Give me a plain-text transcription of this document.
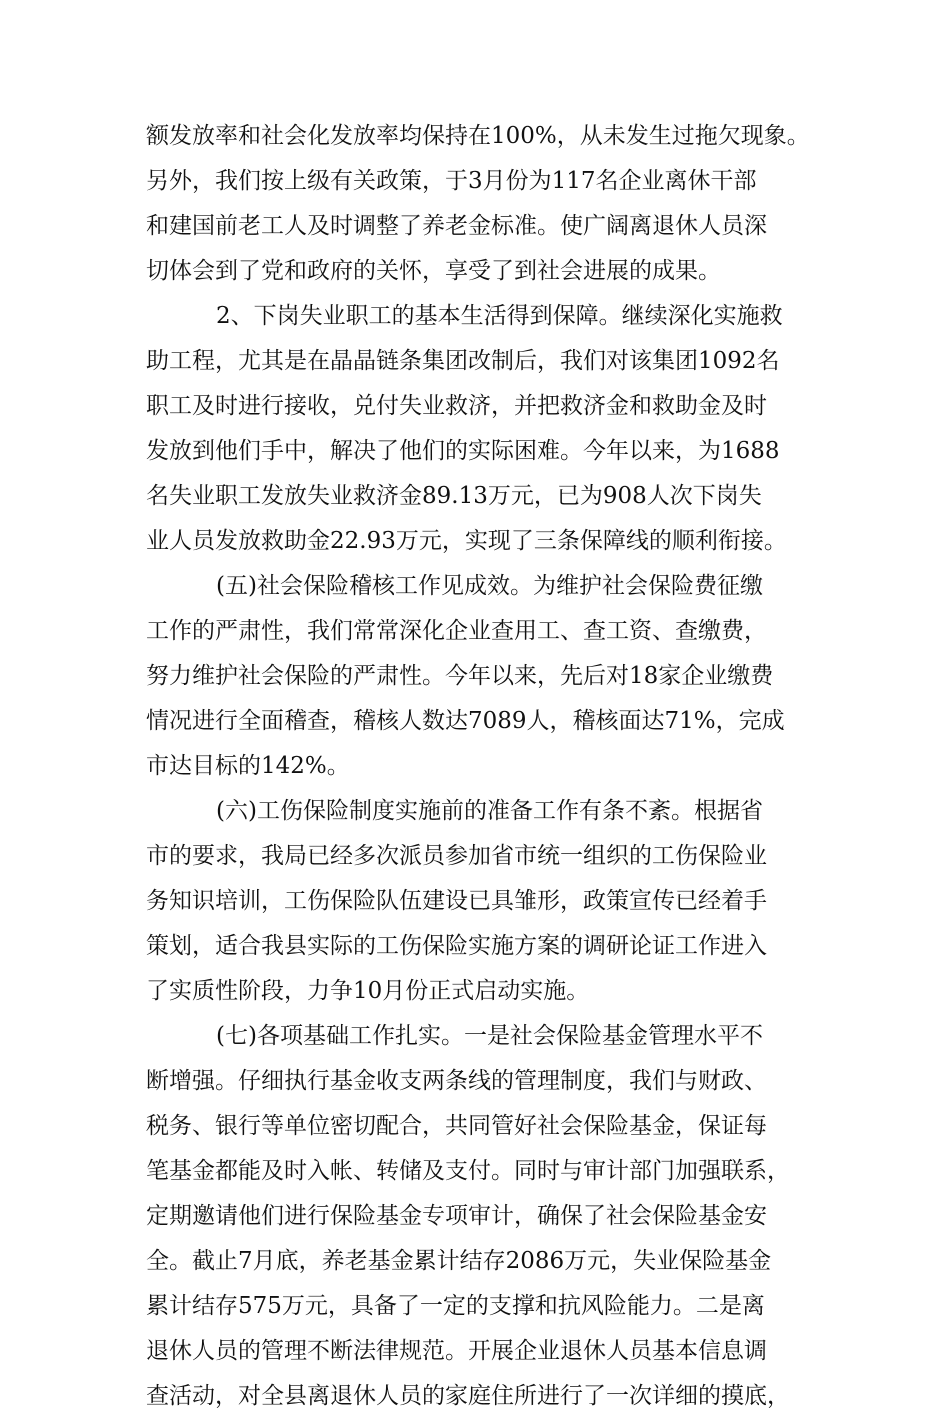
额发放率和社会化发放率均保持在100%，从未发生过拖欠现象。
另外，我们按上级有关政策，于3月份为117名企业离休干部
和建国前老工人及时调整了养老金标准。使广阔离退休人员深
切体会到了党和政府的关怀，享受了到社会进展的成果。
2、下岗失业职工的基本生活得到保障。继续深化实施救
助工程，尤其是在晶晶链条集团改制后，我们对该集团1092名
职工及时进行接收，兑付失业救济，并把救济金和救助金及时
发放到他们手中，解决了他们的实际困难。今年以来，为1688
名失业职工发放失业救济金89.13万元，已为908人次下岗失
业人员发放救助金22.93万元，实现了三条保障线的顺利衔接。
(五)社会保险稽核工作见成效。为维护社会保险费征缴
工作的严肃性，我们常常深化企业查用工、查工资、查缴费，
努力维护社会保险的严肃性。今年以来，先后对18家企业缴费
情况进行全面稽查，稽核人数达7089人，稽核面达71%，完成
市达目标的142%。
(六)工伤保险制度实施前的准备工作有条不紊。根据省
市的要求，我局已经多次派员参加省市统一组织的工伤保险业
务知识培训，工伤保险队伍建设已具雏形，政策宣传已经着手
策划，适合我县实际的工伤保险实施方案的调研论证工作进入
了实质性阶段，力争10月份正式启动实施。
(七)各项基础工作扎实。一是社会保险基金管理水平不
断增强。仔细执行基金收支两条线的管理制度，我们与财政、
税务、银行等单位密切配合，共同管好社会保险基金，保证每
笔基金都能及时入帐、转储及支付。同时与审计部门加强联系，
定期邀请他们进行保险基金专项审计，确保了社会保险基金安
全。截止7月底，养老基金累计结存2086万元，失业保险基金
累计结存575万元，具备了一定的支撑和抗风险能力。二是离
退休人员的管理不断法律规范。开展企业退休人员基本信息调
查活动，对全县离退休人员的家庭住所进行了一次详细的摸底，
